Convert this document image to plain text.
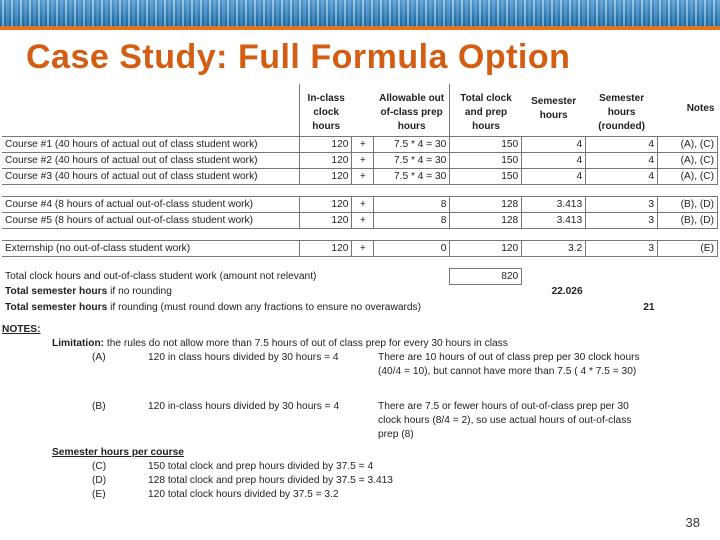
Case Study: Full Formula Option
	In-class clock hours		Allowable out of-class prep hours	Total clock and prep hours	Semester hours	Semester hours (rounded)	Notes
Course #1 (40 hours of actual out of class student work)	120	+	7.5 * 4 = 30	150	4	4	(A), (C)
Course #2 (40 hours of actual out of class student work)	120	+	7.5 * 4 = 30	150	4	4	(A), (C)
Course #3 (40 hours of actual out of class student work)	120	+	7.5 * 4 = 30	150	4	4	(A), (C)

Course #4 (8 hours of actual out-of-class student work)	120	+	8	128	3.413	3	(B), (D)
Course #5 (8 hours of actual out-of-class student work)	120	+	8	128	3.413	3	(B), (D)

Externship (no out-of-class student work)	120	+	0	120	3.2	3	(E)

Total clock hours and out-of-class student work (amount not relevant)				820			
Total semester hours if no rounding					22.026		
Total semester hours if rounding (must round down any fractions to ensure no overawards)						21	
NOTES:
Limitation: the rules do not allow more than 7.5 hours of out of class prep for every 30 hours in class
(A)	120 in class hours divided by 30 hours = 4	There are 10 hours of out of class prep per 30 clock hours
(40/4 = 10), but cannot have more than 7.5 ( 4 * 7.5 = 30)
(B)	120 in-class hours divided by 30 hours = 4	There are 7.5 or fewer hours of out-of-class prep per 30
clock hours (8/4 = 2), so use actual hours of out-of-class
prep (8)
Semester hours per course
(C)	150 total clock and prep hours divided by 37.5 = 4
(D)	128 total clock and prep hours divided by 37.5 = 3.413
(E)	120 total clock hours divided by 37.5 = 3.2
38
